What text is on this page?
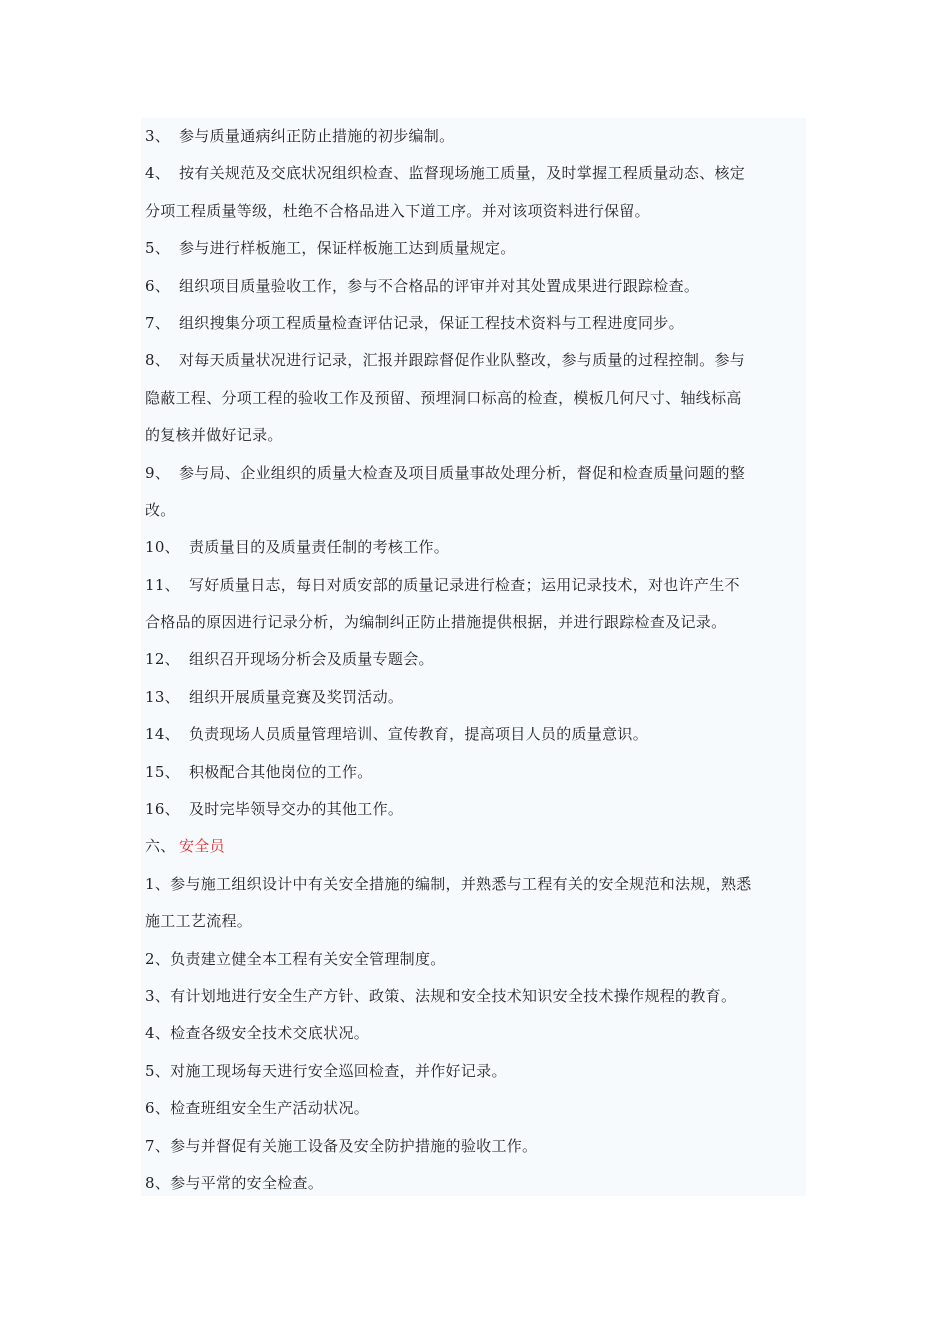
3、 参与质量通病纠正防止措施的初步编制。
4、 按有关规范及交底状况组织检查、监督现场施工质量，及时掌握工程质量动态、核定
分项工程质量等级，杜绝不合格品进入下道工序。并对该项资料进行保留。
5、 参与进行样板施工，保证样板施工达到质量规定。
6、 组织项目质量验收工作，参与不合格品的评审并对其处置成果进行跟踪检查。
7、 组织搜集分项工程质量检查评估记录，保证工程技术资料与工程进度同步。
8、 对每天质量状况进行记录，汇报并跟踪督促作业队整改，参与质量的过程控制。参与
隐蔽工程、分项工程的验收工作及预留、预埋洞口标高的检查，模板几何尺寸、轴线标高
的复核并做好记录。
9、 参与局、企业组织的质量大检查及项目质量事故处理分析，督促和检查质量问题的整
改。
10、 责质量目的及质量责任制的考核工作。
11、 写好质量日志，每日对质安部的质量记录进行检查；运用记录技术，对也许产生不
合格品的原因进行记录分析，为编制纠正防止措施提供根据，并进行跟踪检查及记录。
12、 组织召开现场分析会及质量专题会。
13、 组织开展质量竞赛及奖罚活动。
14、 负责现场人员质量管理培训、宣传教育，提高项目人员的质量意识。
15、 积极配合其他岗位的工作。
16、 及时完毕领导交办的其他工作。
六、 安全员
1、参与施工组织设计中有关安全措施的编制，并熟悉与工程有关的安全规范和法规，熟悉
施工工艺流程。
2、负责建立健全本工程有关安全管理制度。
3、有计划地进行安全生产方针、政策、法规和安全技术知识安全技术操作规程的教育。
4、检查各级安全技术交底状况。
5、对施工现场每天进行安全巡回检查，并作好记录。
6、检查班组安全生产活动状况。
7、参与并督促有关施工设备及安全防护措施的验收工作。
8、参与平常的安全检查。
